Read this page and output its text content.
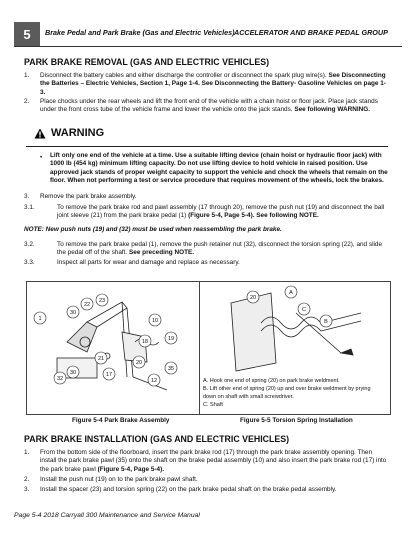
5 Brake Pedal and Park Brake (Gas and Electric Vehicles) ACCELERATOR AND BRAKE PEDAL GROUP
PARK BRAKE REMOVAL (GAS AND ELECTRIC VEHICLES)
1. Disconnect the battery cables and either discharge the controller or disconnect the spark plug wire(s). See Disconnecting the Batteries – Electric Vehicles, Section 1, Page 1-4. See Disconnecting the Battery- Gasoline Vehicles on page 1-3.
2. Place chocks under the rear wheels and lift the front end of the vehicle with a chain hoist or floor jack. Place jack stands under the front cross tube of the vehicle frame and lower the vehicle onto the jack stands. See following WARNING.
WARNING
• Lift only one end of the vehicle at a time. Use a suitable lifting device (chain hoist or hydraulic floor jack) with 1000 lb (454 kg) minimum lifting capacity. Do not use lifting device to hold vehicle in raised position. Use approved jack stands of proper weight capacity to support the vehicle and chock the wheels that remain on the floor. When not performing a test or service procedure that requires movement of the wheels, lock the brakes.
3. Remove the park brake assembly.
3.1.	To remove the park brake rod and pawl assembly (17 through 20), remove the push nut (19) and disconnect the ball joint sleeve (21) from the park brake pedal (1) (Figure 5-4, Page 5-4). See following NOTE.
NOTE: New push nuts (19) and (32) must be used when reassembling the park brake.
3.2.	To remove the park brake pedal (1), remove the push retainer nut (32), disconnect the torsion spring (22), and slide the pedal off of the shaft. See preceding NOTE.
3.3.	Inspect all parts for wear and damage and replace as necessary.
1
30
22
23
10
18	19
21
20
30	17
32
35
12
20
A
C
B
A. Hook one end of spring (20) on park brake weldment.
B. Lift other end of spring (20) up and over brake weldment by prying
down on shaft with small screwdriver.
C. Shaft
Figure 5-4 Park Brake Assembly	Figure 5-5 Torsion Spring Installation
PARK BRAKE INSTALLATION (GAS AND ELECTRIC VEHICLES)
1. From the bottom side of the floorboard, insert the park brake rod (17) through the park brake assembly opening. Then install the park brake pawl (35) onto the shaft on the brake pedal assembly (10) and also insert the park brake rod (17) into the park brake pawl (Figure 5-4, Page 5-4).
2. Install the push nut (19) on to the park brake pawl shaft.
3. Install the spacer (23) and torsion spring (22) on the park brake pedal shaft on the brake pedal assembly.
Page 5-4 2018 Carryall 300 Maintenance and Service Manual
